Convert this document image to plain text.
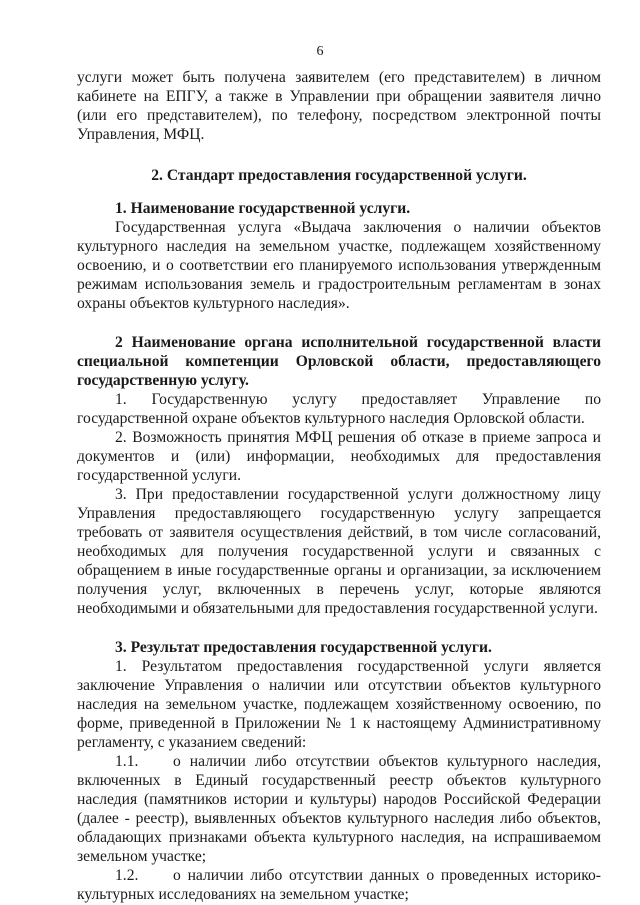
6

услуги может быть получена заявителем (его представителем) в личном кабинете на ЕПГУ, а также в Управлении при обращении заявителя лично (или его представителем), по телефону, посредством электронной почты Управления, МФЦ.

2. Стандарт предоставления государственной услуги.

1. Наименование государственной услуги.

Государственная услуга «Выдача заключения о наличии объектов культурного наследия на земельном участке, подлежащем хозяйственному освоению, и о соответствии его планируемого использования утвержденным режимам использования земель и градостроительным регламентам в зонах охраны объектов культурного наследия».

2 Наименование органа исполнительной государственной власти специальной компетенции Орловской области, предоставляющего государственную услугу.

1. Государственную услугу предоставляет Управление по государственной охране объектов культурного наследия Орловской области.

2. Возможность принятия МФЦ решения об отказе в приеме запроса и документов и (или) информации, необходимых для предоставления государственной услуги.

3. При предоставлении государственной услуги должностному лицу Управления предоставляющего государственную услугу запрещается требовать от заявителя осуществления действий, в том числе согласований, необходимых для получения государственной услуги и связанных с обращением в иные государственные органы и организации, за исключением получения услуг, включенных в перечень услуг, которые являются необходимыми и обязательными для предоставления государственной услуги.

3. Результат предоставления государственной услуги.

1. Результатом предоставления государственной услуги является заключение Управления о наличии или отсутствии объектов культурного наследия на земельном участке, подлежащем хозяйственному освоению, по форме, приведенной в Приложении № 1 к настоящему Административному регламенту, с указанием сведений:

1.1. о наличии либо отсутствии объектов культурного наследия, включенных в Единый государственный реестр объектов культурного наследия (памятников истории и культуры) народов Российской Федерации (далее - реестр), выявленных объектов культурного наследия либо объектов, обладающих признаками объекта культурного наследия, на испрашиваемом земельном участке;

1.2. о наличии либо отсутствии данных о проведенных историко-культурных исследованиях на земельном участке;
